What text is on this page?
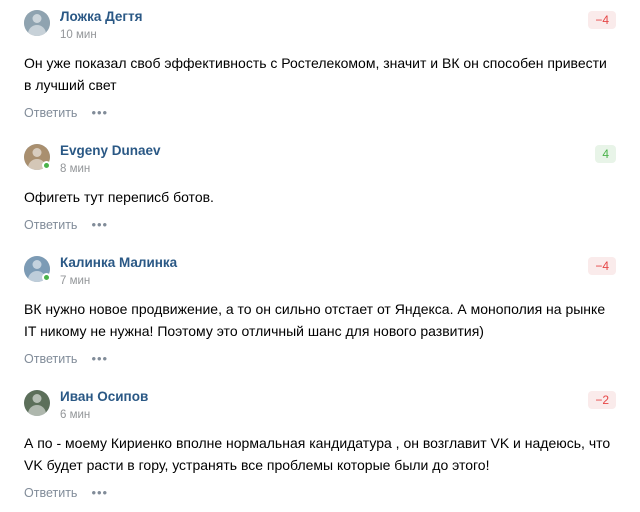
Ложка Дегтя
10 мин
−4
Он уже показал своб эффективность с Ростелекомом, значит и ВК он способен привести в лучший свет
Ответить •••
Evgeny Dunaev
8 мин
4
Офигеть тут переписб ботов.
Ответить •••
Калинка Малинка
7 мин
−4
ВК нужно новое продвижение, а то он сильно отстает от Яндекса. А монополия на рынке IT никому не нужна! Поэтому это отличный шанс для нового развития)
Ответить •••
Иван Осипов
6 мин
−2
А по - моему Кириенко вполне нормальная кандидатура , он возглавит VK и надеюсь, что VK будет расти в гору, устранять все проблемы которые были до этого!
Ответить •••
